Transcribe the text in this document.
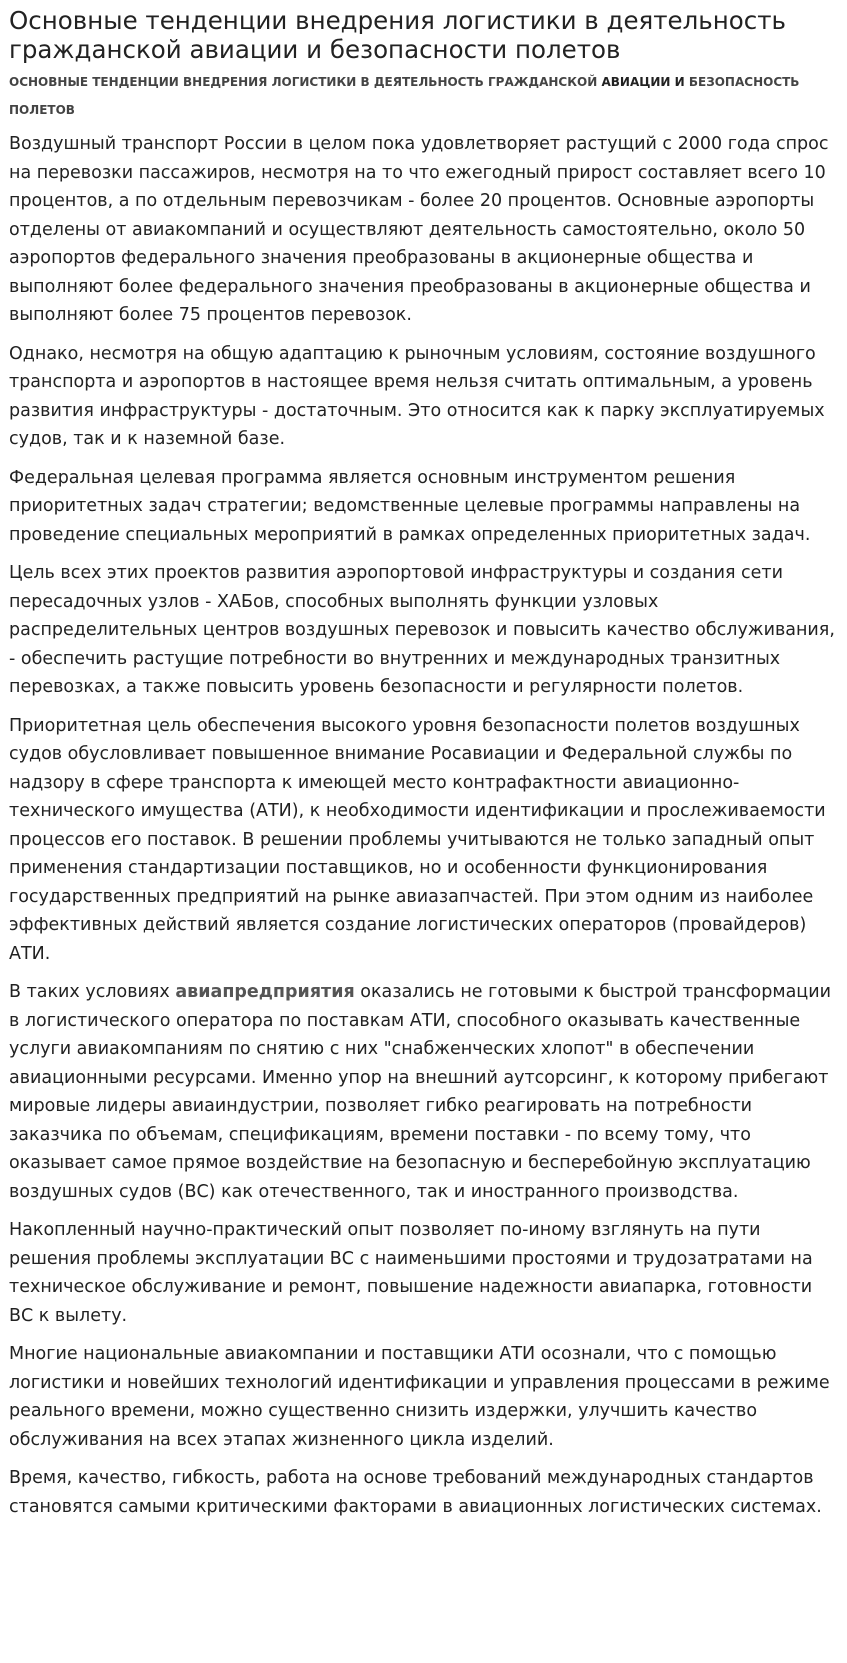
Основные тенденции внедрения логистики в деятельность гражданской авиации и безопасности полетов
ОСНОВНЫЕ ТЕНДЕНЦИИ ВНЕДРЕНИЯ ЛОГИСТИКИ В ДЕЯТЕЛЬНОСТЬ ГРАЖДАНСКОЙ АВИАЦИИ И БЕЗОПАСНОСТЬ ПОЛЕТОВ

Воздушный транспорт России в целом пока удовлетворяет растущий с 2000 года спрос на перевозки пассажиров, несмотря на то что ежегодный прирост составляет всего 10 процентов, а по отдельным перевозчикам - более 20 процентов. Основные аэропорты отделены от авиакомпаний и осуществляют деятельность самостоятельно, около 50 аэропортов федерального значения преобразованы в акционерные общества и выполняют более федерального значения преобразованы в акционерные общества и выполняют более 75 процентов перевозок.

Однако, несмотря на общую адаптацию к рыночным условиям, состояние воздушного транспорта и аэропортов в настоящее время нельзя считать оптимальным, а уровень развития инфраструктуры - достаточным. Это относится как к парку эксплуатируемых судов, так и к наземной базе.

Федеральная целевая программа является основным инструментом решения приоритетных задач стратегии; ведомственные целевые программы направлены на проведение специальных мероприятий в рамках определенных приоритетных задач.

Цель всех этих проектов развития аэропортовой инфраструктуры и создания сети пересадочных узлов - ХАБов, способных выполнять функции узловых распределительных центров воздушных перевозок и повысить качество обслуживания, - обеспечить растущие потребности во внутренних и международных транзитных перевозках, а также повысить уровень безопасности и регулярности полетов.

Приоритетная цель обеспечения высокого уровня безопасности полетов воздушных судов обусловливает повышенное внимание Росавиации и Федеральной службы по надзору в сфере транспорта к имеющей место контрафактности авиационно-технического имущества (АТИ), к необходимости идентификации и прослеживаемости процессов его поставок. В решении проблемы учитываются не только западный опыт применения стандартизации поставщиков, но и особенности функционирования государственных предприятий на рынке авиазапчастей. При этом одним из наиболее эффективных действий является создание логистических операторов (провайдеров) АТИ.

В таких условиях авиапредприятия оказались не готовыми к быстрой трансформации в логистического оператора по поставкам АТИ, способного оказывать качественные услуги авиакомпаниям по снятию с них "снабженческих хлопот" в обеспечении авиационными ресурсами. Именно упор на внешний аутсорсинг, к которому прибегают мировые лидеры авиаиндустрии, позволяет гибко реагировать на потребности заказчика по объемам, спецификациям, времени поставки - по всему тому, что оказывает самое прямое воздействие на безопасную и бесперебойную эксплуатацию воздушных судов (ВС) как отечественного, так и иностранного производства.

Накопленный научно-практический опыт позволяет по-иному взглянуть на пути решения проблемы эксплуатации ВС с наименьшими простоями и трудозатратами на техническое обслуживание и ремонт, повышение надежности авиапарка, готовности ВС к вылету.

Многие национальные авиакомпании и поставщики АТИ осознали, что с помощью логистики и новейших технологий идентификации и управления процессами в режиме реального времени, можно существенно снизить издержки, улучшить качество обслуживания на всех этапах жизненного цикла изделий.

Время, качество, гибкость, работа на основе требований международных стандартов становятся самыми критическими факторами в авиационных логистических системах.
